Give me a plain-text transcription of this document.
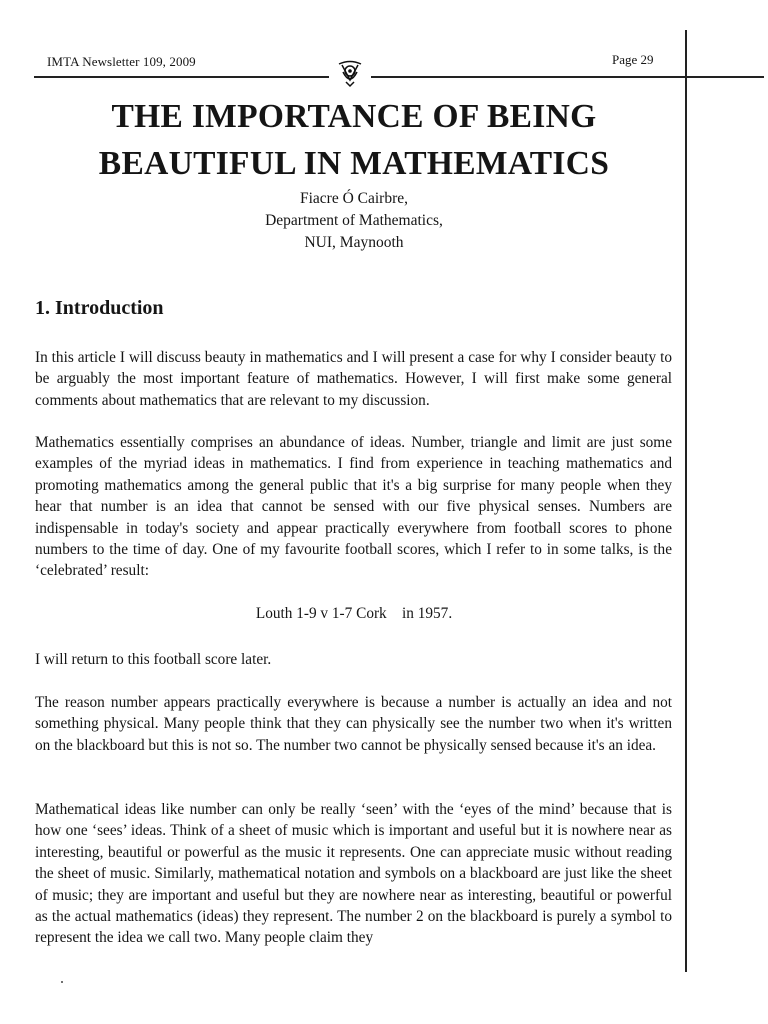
IMTA Newsletter 109, 2009	Page 29
THE IMPORTANCE OF BEING
BEAUTIFUL IN MATHEMATICS
Fiacre Ó Cairbre,
Department of Mathematics,
NUI, Maynooth
1. Introduction
In this article I will discuss beauty in mathematics and I will present a case for why I consider beauty to be arguably the most important feature of mathematics. However, I will first make some general comments about mathematics that are relevant to my discussion.
Mathematics essentially comprises an abundance of ideas. Number, triangle and limit are just some examples of the myriad ideas in mathematics. I find from experience in teaching mathematics and promoting mathematics among the general public that it's a big surprise for many people when they hear that number is an idea that cannot be sensed with our five physical senses. Numbers are indispensable in today's society and appear practically everywhere from football scores to phone numbers to the time of day. One of my favourite football scores, which I refer to in some talks, is the ‘celebrated’ result:
Louth 1-9 v 1-7 Cork    in 1957.
I will return to this football score later.
The reason number appears practically everywhere is because a number is actually an idea and not something physical. Many people think that they can physically see the number two when it's written on the blackboard but this is not so. The number two cannot be physically sensed because it's an idea.
Mathematical ideas like number can only be really ‘seen’ with the ‘eyes of the mind’ because that is how one ‘sees’ ideas. Think of a sheet of music which is important and useful but it is nowhere near as interesting, beautiful or powerful as the music it represents. One can appreciate music without reading the sheet of music. Similarly, mathematical notation and symbols on a blackboard are just like the sheet of music; they are important and useful but they are nowhere near as interesting, beautiful or powerful as the actual mathematics (ideas) they represent. The number 2 on the blackboard is purely a symbol to represent the idea we call two. Many people claim they
